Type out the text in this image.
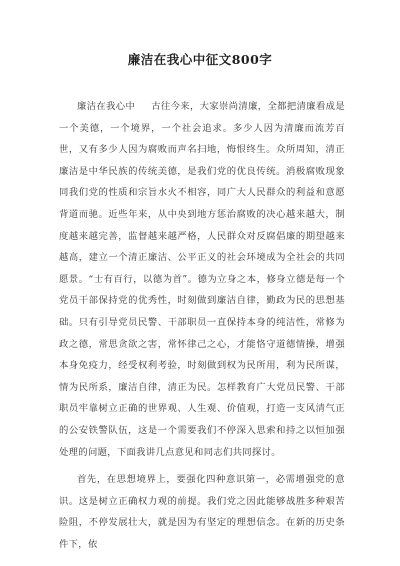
廉洁在我心中征文800字

廉洁在我心中 古往今来，大家崇尚清廉，全都把清廉看成是一个美德，一个境界，一个社会追求。多少人因为清廉而流芳百世，又有多少人因为腐败而声名扫地，悔恨终生。众所周知，清正廉洁是中华民族的传统美德，是我们党的优良传统。消极腐败现象同我们党的性质和宗旨水火不相容，同广大人民群众的利益和意愿背道而驰。近些年来，从中央到地方惩治腐败的决心越来越大，制度越来越完善，监督越来越严格，人民群众对反腐倡廉的期望越来越高，建立一个清正廉洁、公平正义的社会环境成为全社会的共同愿景。“士有百行，以德为首”。德为立身之本，修身立德是每一个党员干部保持党的优秀性，时刻做到廉洁自律，勤政为民的思想基础。只有引导党员民警、干部职员一直保持本身的纯洁性，常修为政之德，常思贪欲之害，常怀律己之心，才能恪守道德情操，增强本身免疫力，经受权利考验，时刻做到权为民所用，利为民所谋，情为民所系，廉洁自律，清正为民。怎样教育广大党员民警、干部职员牢靠树立正确的世界观、人生观、价值观，打造一支风清气正的公安铁警队伍，这是一个需要我们不停深入思索和持之以恒加强处理的问题，下面我讲几点意见和同志们共同探讨。

首先，在思想境界上，要强化四种意识第一，必需增强党的意识。这是树立正确权力观的前提。我们党之因此能够战胜多种艰苦险阻，不停发展壮大，就是因为有坚定的理想信念。在新的历史条件下，依
